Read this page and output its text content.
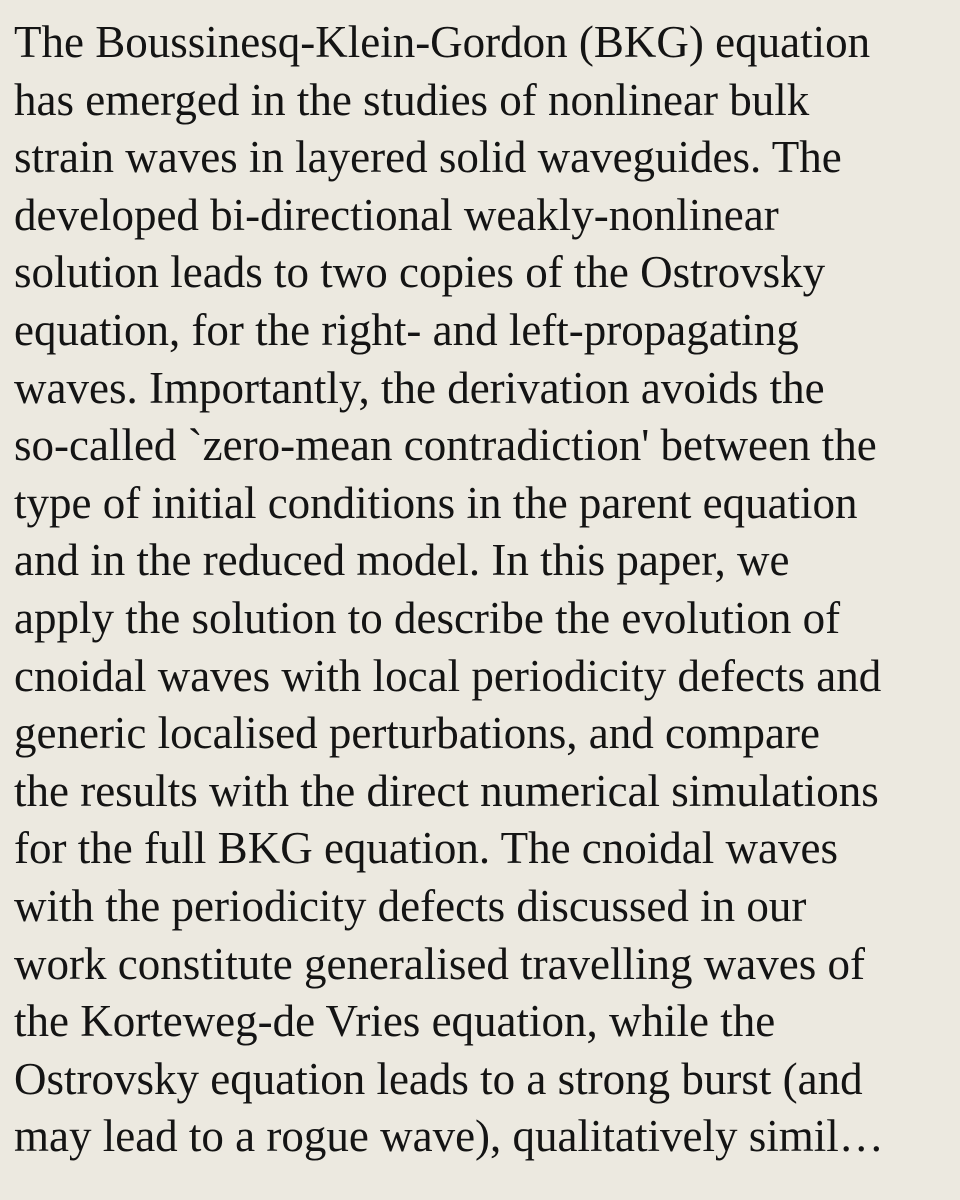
The Boussinesq-Klein-Gordon (BKG) equation
has emerged in the studies of nonlinear bulk
strain waves in layered solid waveguides. The
developed bi-directional weakly-nonlinear
solution leads to two copies of the Ostrovsky
equation, for the right- and left-propagating
waves. Importantly, the derivation avoids the
so-called `zero-mean contradiction' between the
type of initial conditions in the parent equation
and in the reduced model. In this paper, we
apply the solution to describe the evolution of
cnoidal waves with local periodicity defects and
generic localised perturbations, and compare
the results with the direct numerical simulations
for the full BKG equation. The cnoidal waves
with the periodicity defects discussed in our
work constitute generalised travelling waves of
the Korteweg-de Vries equation, while the
Ostrovsky equation leads to a strong burst (and
may lead to a rogue wave), qualitatively simil…
